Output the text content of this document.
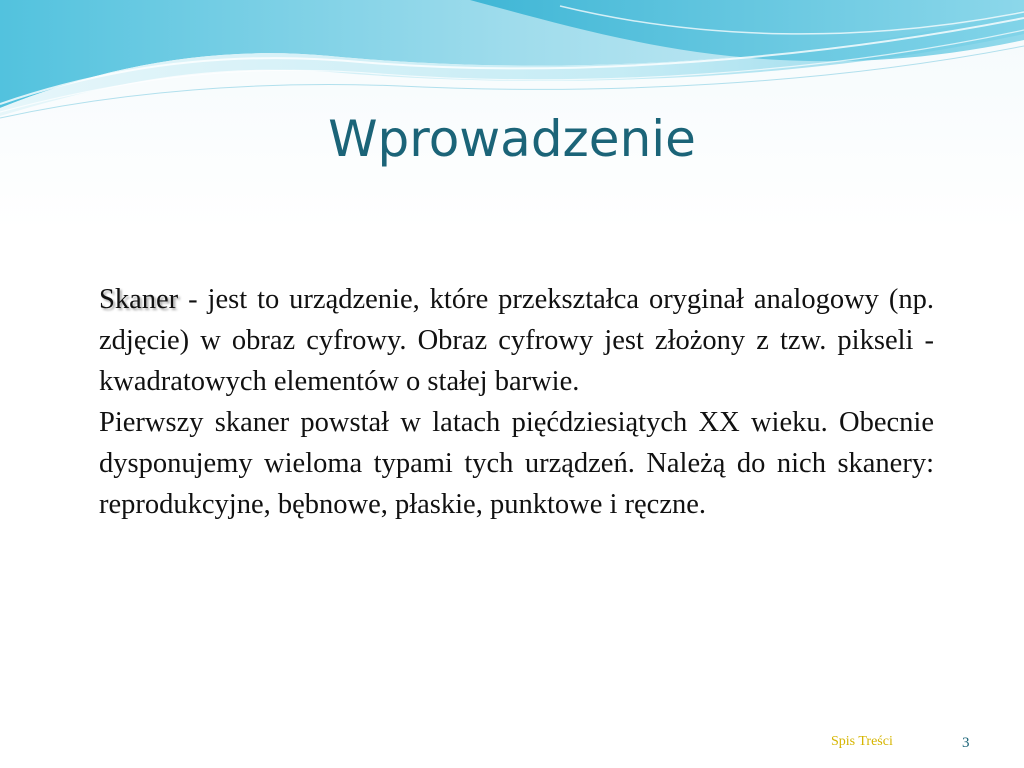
Wprowadzenie

Skaner - jest to urządzenie, które przekształca oryginał analogowy (np. zdjęcie) w obraz cyfrowy. Obraz cyfrowy jest złożony z tzw. pikseli - kwadratowych elementów o stałej barwie.

Pierwszy skaner powstał w latach pięćdziesiątych XX wieku. Obecnie dysponujemy wieloma typami tych urządzeń. Należą do nich skanery: reprodukcyjne, bębnowe, płaskie, punktowe i ręczne.

Spis Treści	3
